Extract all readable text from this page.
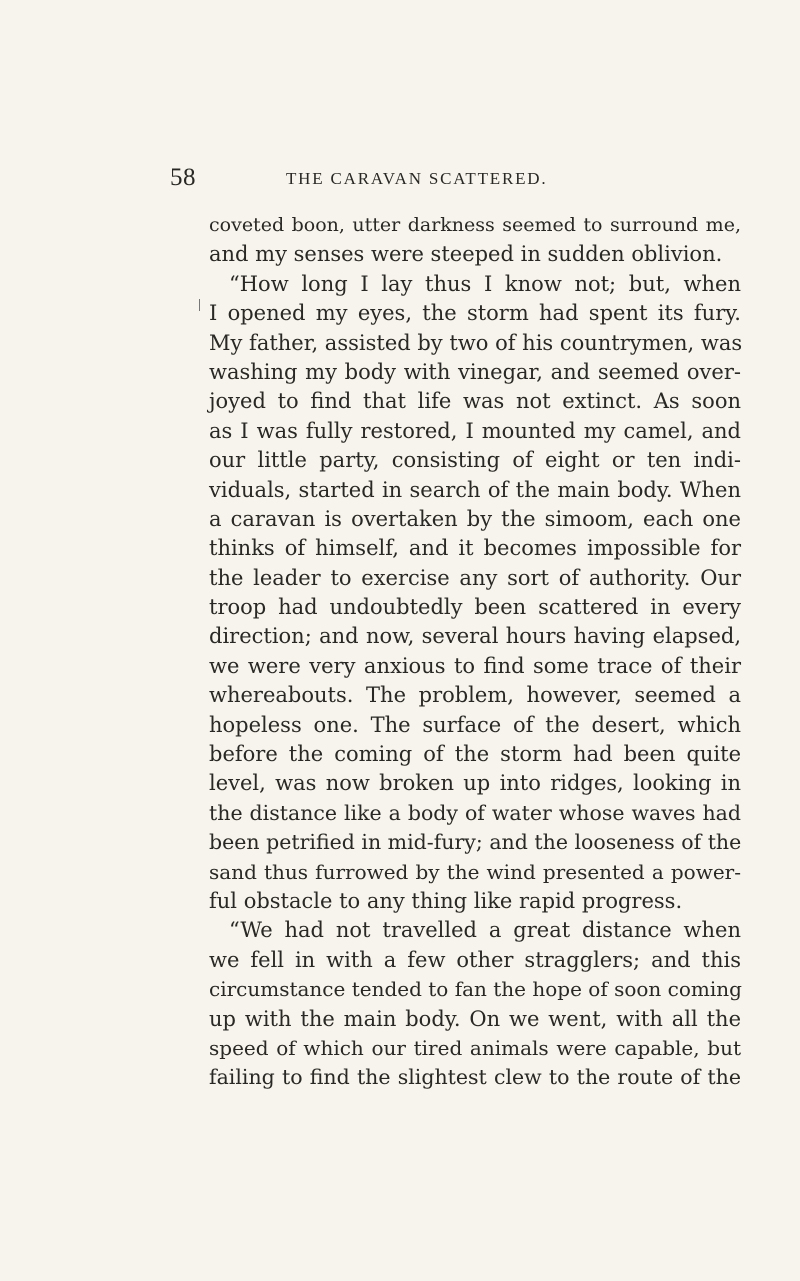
58	THE CARAVAN SCATTERED.
coveted boon, utter darkness seemed to surround me,
and my senses were steeped in sudden oblivion.
“How long I lay thus I know not; but, when
I opened my eyes, the storm had spent its fury.
My father, assisted by two of his countrymen, was
washing my body with vinegar, and seemed over-
joyed to find that life was not extinct. As soon
as I was fully restored, I mounted my camel, and
our little party, consisting of eight or ten indi-
viduals, started in search of the main body. When
a caravan is overtaken by the simoom, each one
thinks of himself, and it becomes impossible for
the leader to exercise any sort of authority. Our
troop had undoubtedly been scattered in every
direction; and now, several hours having elapsed,
we were very anxious to find some trace of their
whereabouts. The problem, however, seemed a
hopeless one. The surface of the desert, which
before the coming of the storm had been quite
level, was now broken up into ridges, looking in
the distance like a body of water whose waves had
been petrified in mid-fury; and the looseness of the
sand thus furrowed by the wind presented a power-
ful obstacle to any thing like rapid progress.
“We had not travelled a great distance when
we fell in with a few other stragglers; and this
circumstance tended to fan the hope of soon coming
up with the main body. On we went, with all the
speed of which our tired animals were capable, but
failing to find the slightest clew to the route of the
